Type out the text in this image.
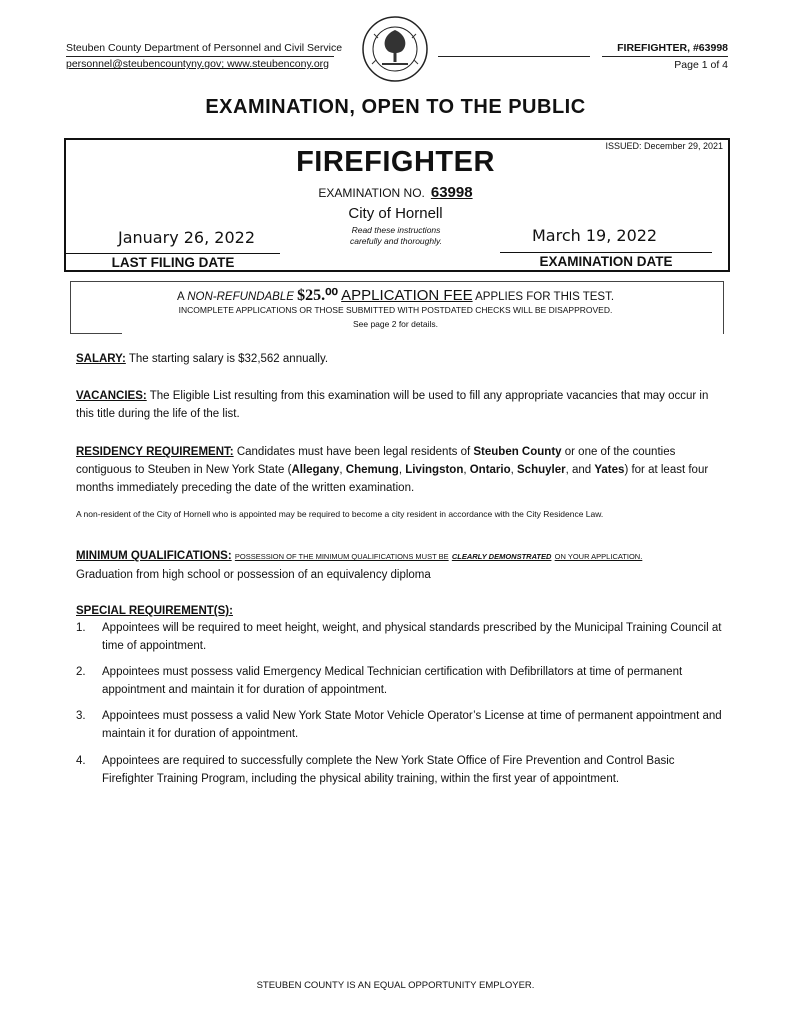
Steuben County Department of Personnel and Civil Service
personnel@steubencountyny.gov; www.steubencony.org
FIREFIGHTER, #63998
Page 1 of 4
EXAMINATION, OPEN TO THE PUBLIC
ISSUED: December 29, 2021
FIREFIGHTER
EXAMINATION NO. 63998
City of Hornell
Read these instructions
carefully and thoroughly.
January 26, 2022	March 19, 2022
LAST FILING DATE	EXAMINATION DATE
A NON-REFUNDABLE $25.⁰⁰ APPLICATION FEE APPLIES FOR THIS TEST.
INCOMPLETE APPLICATIONS OR THOSE SUBMITTED WITH POSTDATED CHECKS WILL BE DISAPPROVED.
See page 2 for details.
SALARY: The starting salary is $32,562 annually.
VACANCIES: The Eligible List resulting from this examination will be used to fill any appropriate vacancies that may occur in this title during the life of the list.
RESIDENCY REQUIREMENT: Candidates must have been legal residents of Steuben County or one of the counties contiguous to Steuben in New York State (Allegany, Chemung, Livingston, Ontario, Schuyler, and Yates) for at least four months immediately preceding the date of the written examination.
A non-resident of the City of Hornell who is appointed may be required to become a city resident in accordance with the City Residence Law.
MINIMUM QUALIFICATIONS: POSSESSION OF THE MINIMUM QUALIFICATIONS MUST BE CLEARLY DEMONSTRATED ON YOUR APPLICATION.
Graduation from high school or possession of an equivalency diploma
SPECIAL REQUIREMENT(S):
1.	Appointees will be required to meet height, weight, and physical standards prescribed by the Municipal Training Council at time of appointment.
2.	Appointees must possess valid Emergency Medical Technician certification with Defibrillators at time of permanent appointment and maintain it for duration of appointment.
3.	Appointees must possess a valid New York State Motor Vehicle Operator’s License at time of permanent appointment and maintain it for duration of appointment.
4.	Appointees are required to successfully complete the New York State Office of Fire Prevention and Control Basic Firefighter Training Program, including the physical ability training, within the first year of appointment.
STEUBEN COUNTY IS AN EQUAL OPPORTUNITY EMPLOYER.
